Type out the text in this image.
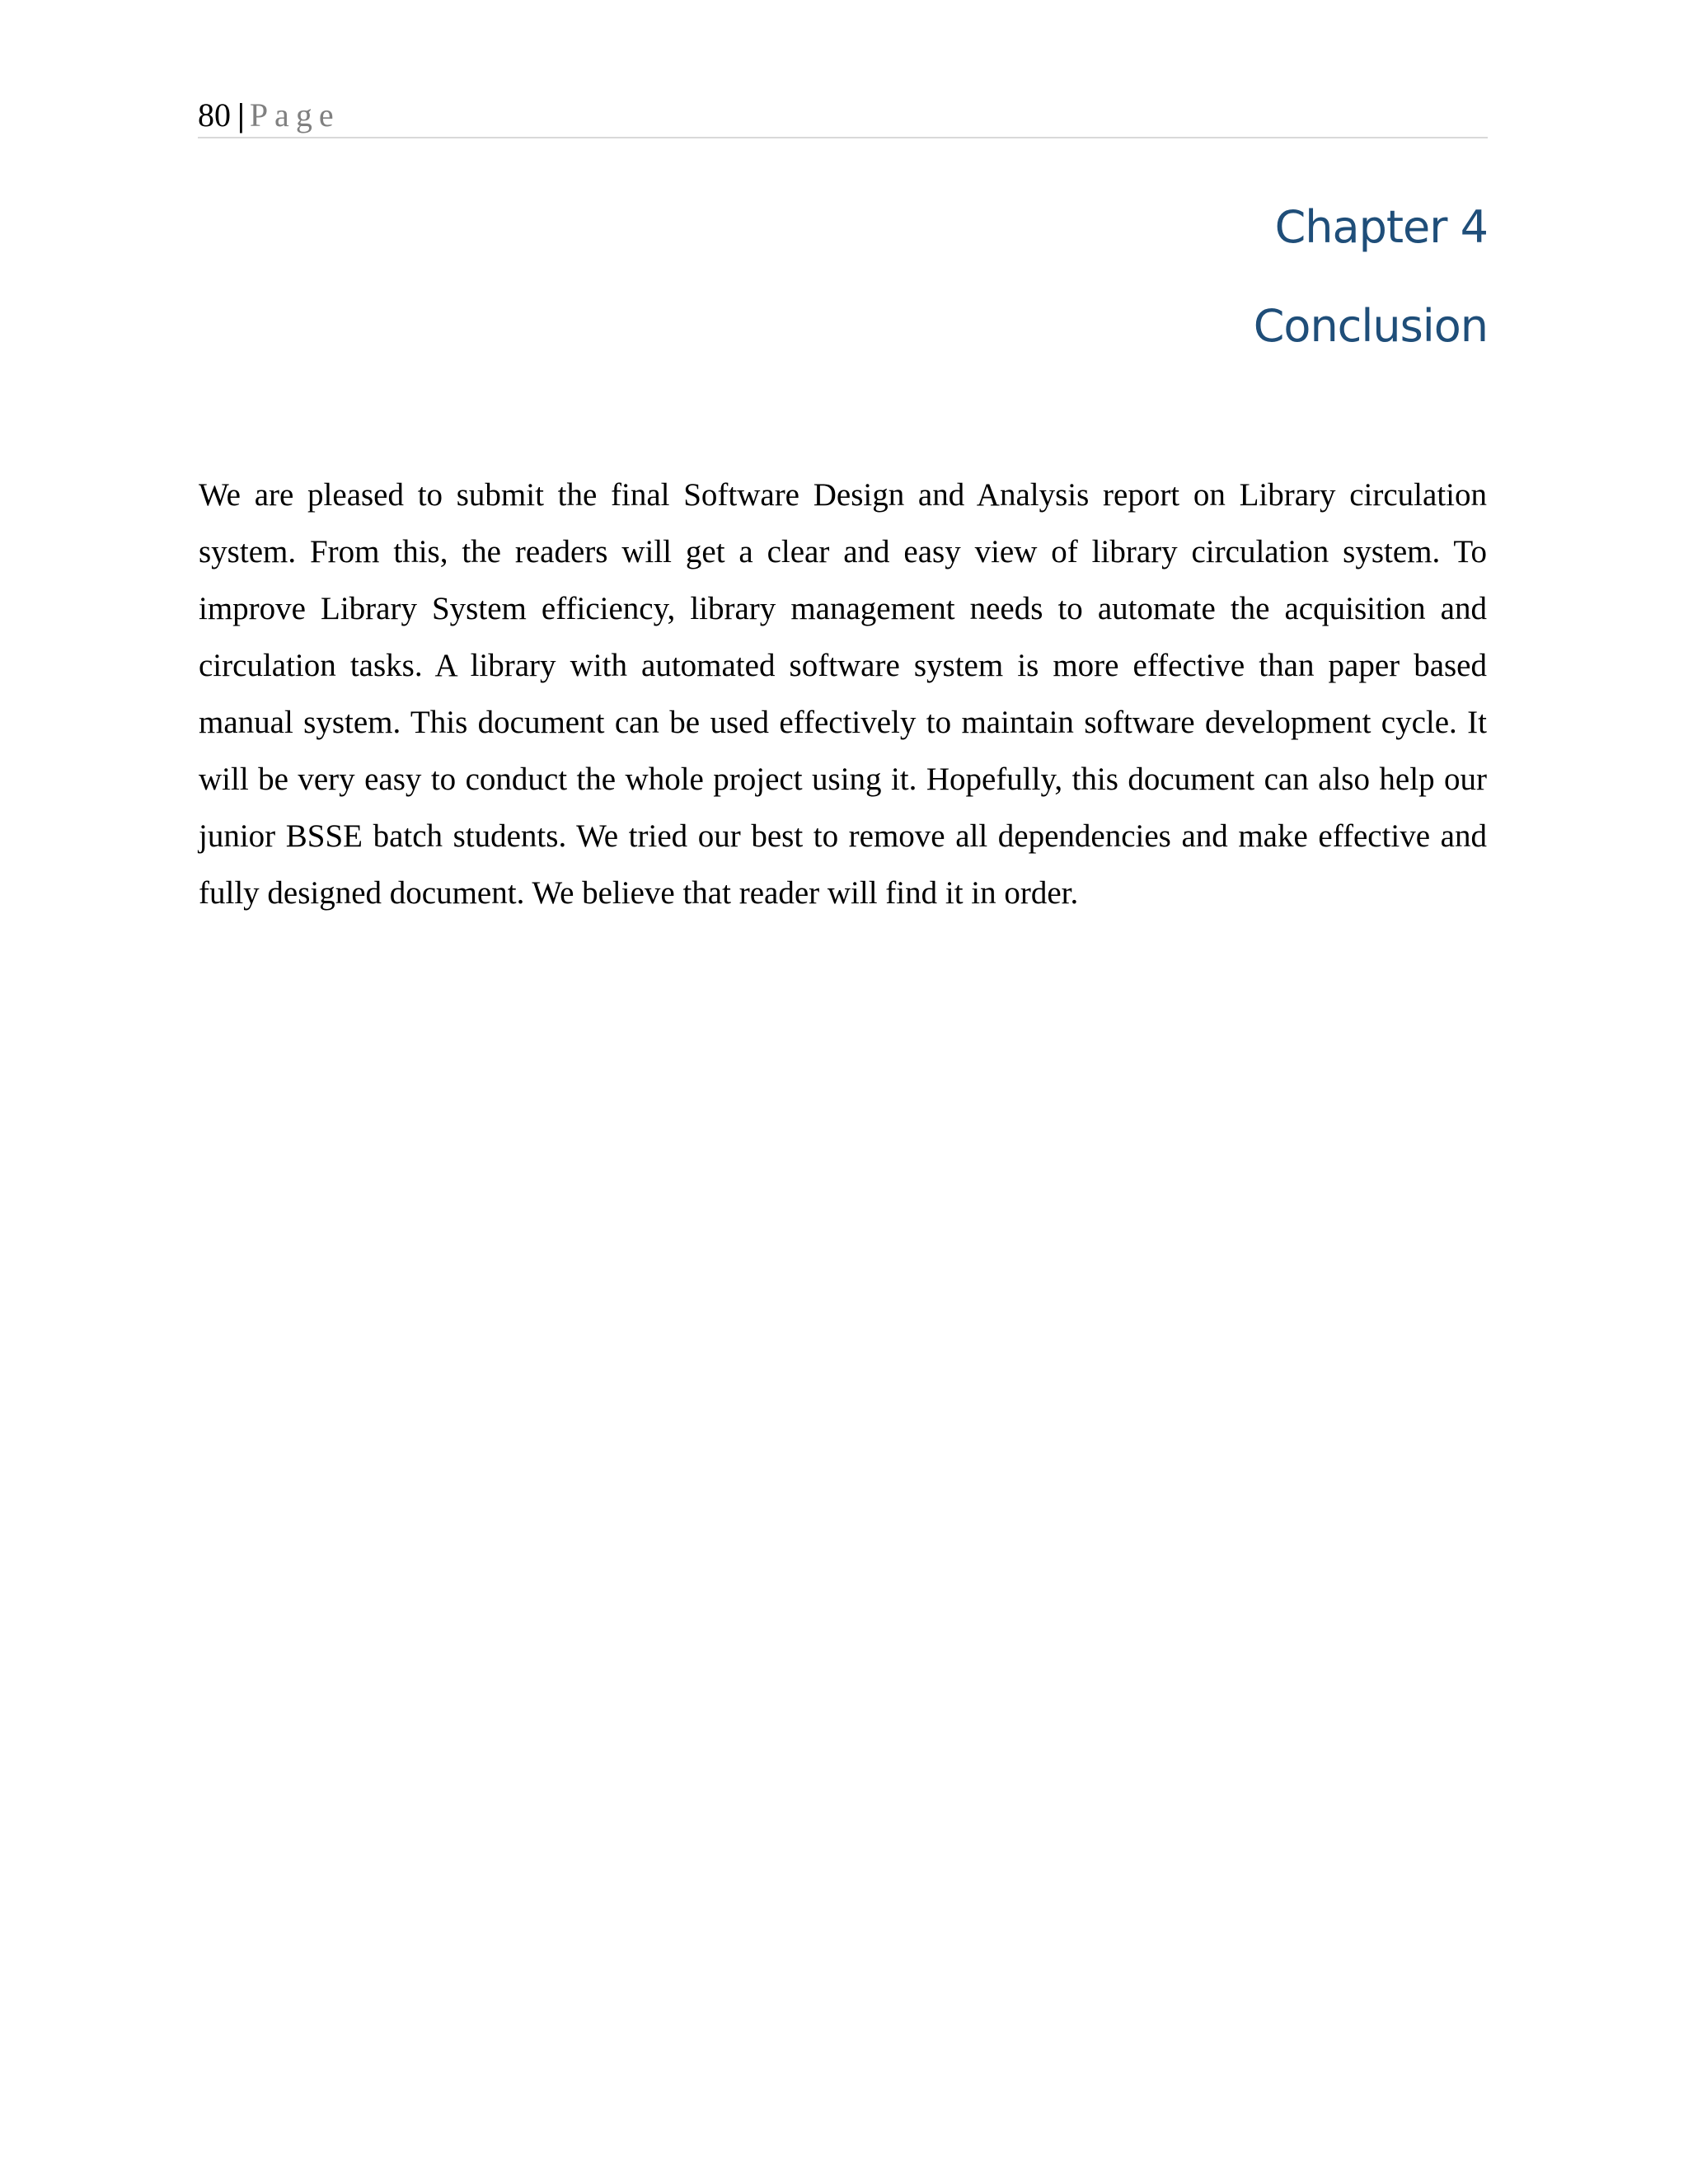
80 | Page
Chapter 4
Conclusion

We are pleased to submit the final Software Design and Analysis report on Library circulation system. From this, the readers will get a clear and easy view of library circulation system. To improve Library System efficiency, library management needs to automate the acquisition and circulation tasks. A library with automated software system is more effective than paper based manual system. This document can be used effectively to maintain software development cycle. It will be very easy to conduct the whole project using it. Hopefully, this document can also help our junior BSSE batch students. We tried our best to remove all dependencies and make effective and fully designed document. We believe that reader will find it in order.
